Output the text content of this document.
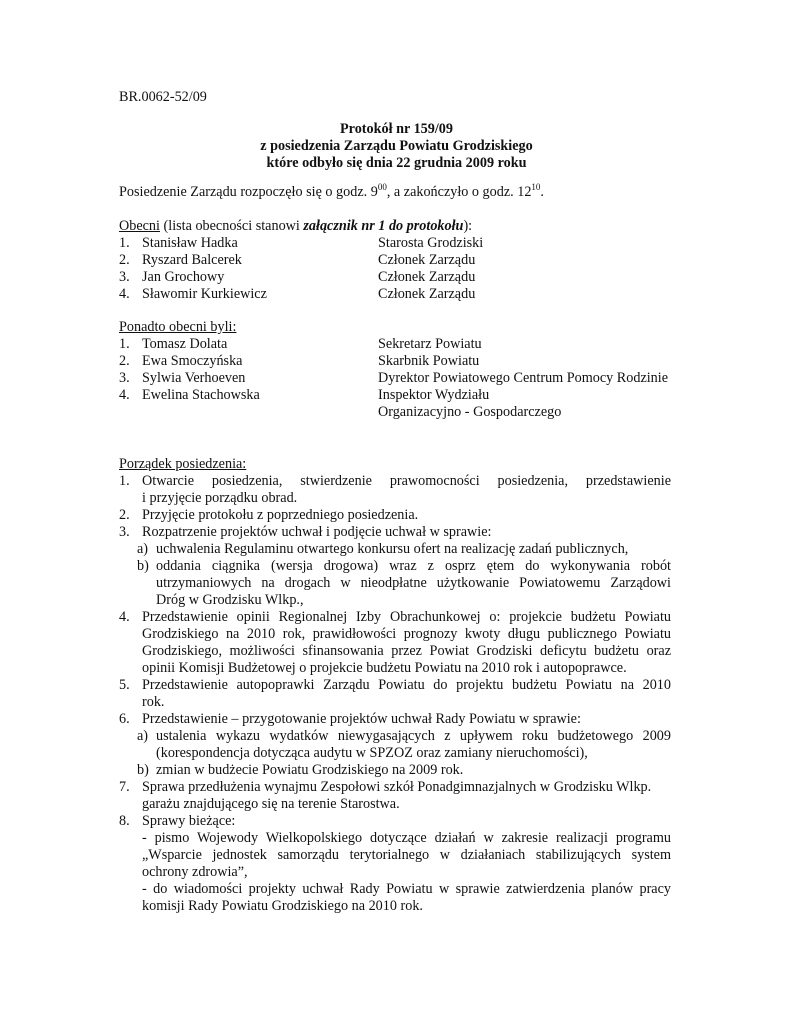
BR.0062-52/09
Protokół nr 159/09
z posiedzenia Zarządu Powiatu Grodziskiego
które odbyło się dnia 22 grudnia 2009 roku
Posiedzenie Zarządu rozpoczęło się o godz. $9^{00}$, a zakończyło o godz. $12^{10}$.
Obecni (lista obecności stanowi załącznik nr 1 do protokołu):
1. Stanisław Hadka	Starosta Grodziski
2. Ryszard Balcerek	Członek Zarządu
3. Jan Grochowy	Członek Zarządu
4. Sławomir Kurkiewicz	Członek Zarządu
Ponadto obecni byli:
1. Tomasz Dolata	Sekretarz Powiatu
2. Ewa Smoczyńska	Skarbnik Powiatu
3. Sylwia Verhoeven	Dyrektor Powiatowego Centrum Pomocy Rodzinie
4. Ewelina Stachowska	Inspektor Wydziału
Organizacyjno - Gospodarczego
Porządek posiedzenia:
1. Otwarcie posiedzenia, stwierdzenie prawomocności posiedzenia, przedstawienie
i przyjęcie porządku obrad.
2. Przyjęcie protokołu z poprzedniego posiedzenia.
3. Rozpatrzenie projektów uchwał i podjęcie uchwał w sprawie:
a) uchwalenia Regulaminu otwartego konkursu ofert na realizację zadań publicznych,
b) oddania ciągnika (wersja drogowa) wraz z osprz ętem do wykonywania robót
utrzymaniowych na drogach w nieodpłatne użytkowanie Powiatowemu Zarządowi
Dróg w Grodzisku Wlkp.,
4. Przedstawienie opinii Regionalnej Izby Obrachunkowej o: projekcie budżetu Powiatu
Grodziskiego na 2010 rok, prawidłowości prognozy kwoty długu publicznego Powiatu
Grodziskiego, możliwości sfinansowania przez Powiat Grodziski deficytu budżetu oraz
opinii Komisji Budżetowej o projekcie budżetu Powiatu na 2010 rok i autopoprawce.
5. Przedstawienie autopoprawki Zarządu Powiatu do projektu budżetu Powiatu na 2010
rok.
6. Przedstawienie – przygotowanie projektów uchwał Rady Powiatu w sprawie:
a) ustalenia wykazu wydatków niewygasających z upływem roku budżetowego 2009
(korespondencja dotycząca audytu w SPZOZ oraz zamiany nieruchomości),
b) zmian w budżecie Powiatu Grodziskiego na 2009 rok.
7. Sprawa przedłużenia wynajmu Zespołowi szkół Ponadgimnazjalnych w Grodzisku Wlkp.
garażu znajdującego się na terenie Starostwa.
8. Sprawy bieżące:
- pismo Wojewody Wielkopolskiego dotyczące działań w zakresie realizacji programu
„Wsparcie jednostek samorządu terytorialnego w działaniach stabilizujących system
ochrony zdrowia”,
- do wiadomości projekty uchwał Rady Powiatu w sprawie zatwierdzenia planów pracy
komisji Rady Powiatu Grodziskiego na 2010 rok.
